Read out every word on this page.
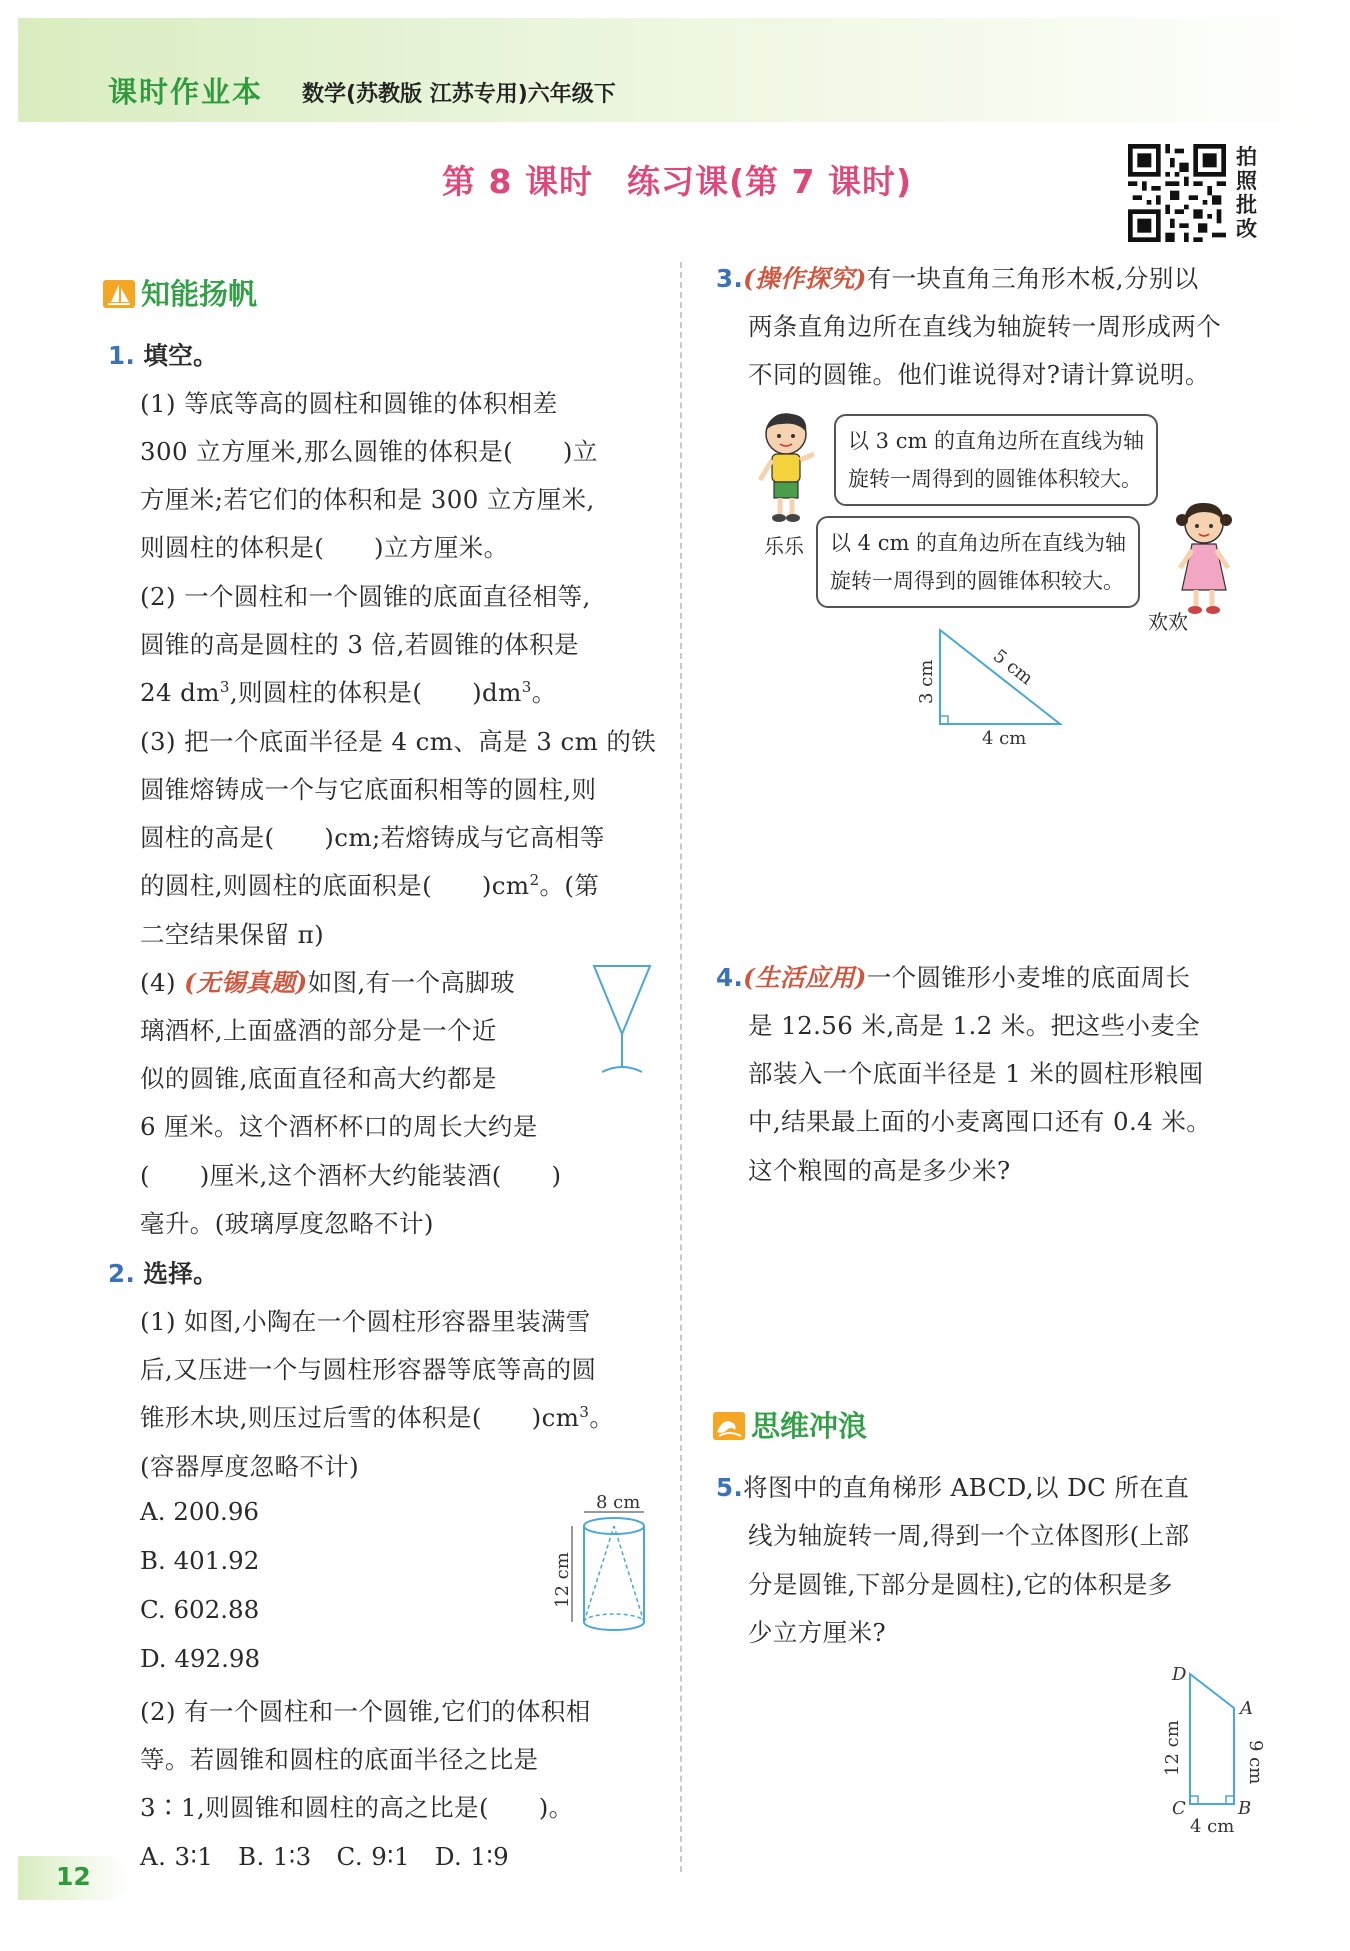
课时作业本 数学(苏教版 江苏专用)六年级下
第 8 课时　练习课(第 7 课时)
拍照批改
知能扬帆
1. 填空。
(1) 等底等高的圆柱和圆锥的体积相差
300 立方厘米,那么圆锥的体积是(　　)立
方厘米;若它们的体积和是 300 立方厘米,
则圆柱的体积是(　　)立方厘米。
(2) 一个圆柱和一个圆锥的底面直径相等,
圆锥的高是圆柱的 3 倍,若圆锥的体积是
24 $dm^3$,则圆柱的体积是(　　)$dm^3$。
(3) 把一个底面半径是 4 cm、高是 3 cm 的铁
圆锥熔铸成一个与它底面积相等的圆柱,则
圆柱的高是(　　)cm;若熔铸成与它高相等
的圆柱,则圆柱的底面积是(　　)$cm^2$。(第
二空结果保留 π)
(4) (无锡真题)如图,有一个高脚玻
璃酒杯,上面盛酒的部分是一个近
似的圆锥,底面直径和高大约都是
6 厘米。这个酒杯杯口的周长大约是
(　　)厘米,这个酒杯大约能装酒(　　)
毫升。(玻璃厚度忽略不计)
2. 选择。
(1) 如图,小陶在一个圆柱形容器里装满雪
后,又压进一个与圆柱形容器等底等高的圆
锥形木块,则压过后雪的体积是(　　)$cm^3$。
(容器厚度忽略不计)
A. 200.96
B. 401.92
C. 602.88
D. 492.98
8 cm
12 cm
(2) 有一个圆柱和一个圆锥,它们的体积相
等。若圆锥和圆柱的底面半径之比是
3∶1,则圆锥和圆柱的高之比是(　　)。
A. 3∶1　B. 1∶3　C. 9∶1　D. 1∶9
3.(操作探究)有一块直角三角形木板,分别以
两条直角边所在直线为轴旋转一周形成两个
不同的圆锥。他们谁说得对?请计算说明。
乐乐
以 3 cm 的直角边所在直线为轴
旋转一周得到的圆锥体积较大。
以 4 cm 的直角边所在直线为轴
旋转一周得到的圆锥体积较大。
欢欢
3 cm
4 cm
5 cm
4.(生活应用)一个圆锥形小麦堆的底面周长
是 12.56 米,高是 1.2 米。把这些小麦全
部装入一个底面半径是 1 米的圆柱形粮囤
中,结果最上面的小麦离囤口还有 0.4 米。
这个粮囤的高是多少米?
思维冲浪
5.将图中的直角梯形 ABCD,以 DC 所在直
线为轴旋转一周,得到一个立体图形(上部
分是圆锥,下部分是圆柱),它的体积是多
少立方厘米?
D
A
C	B
12 cm	9 cm
4 cm
12
